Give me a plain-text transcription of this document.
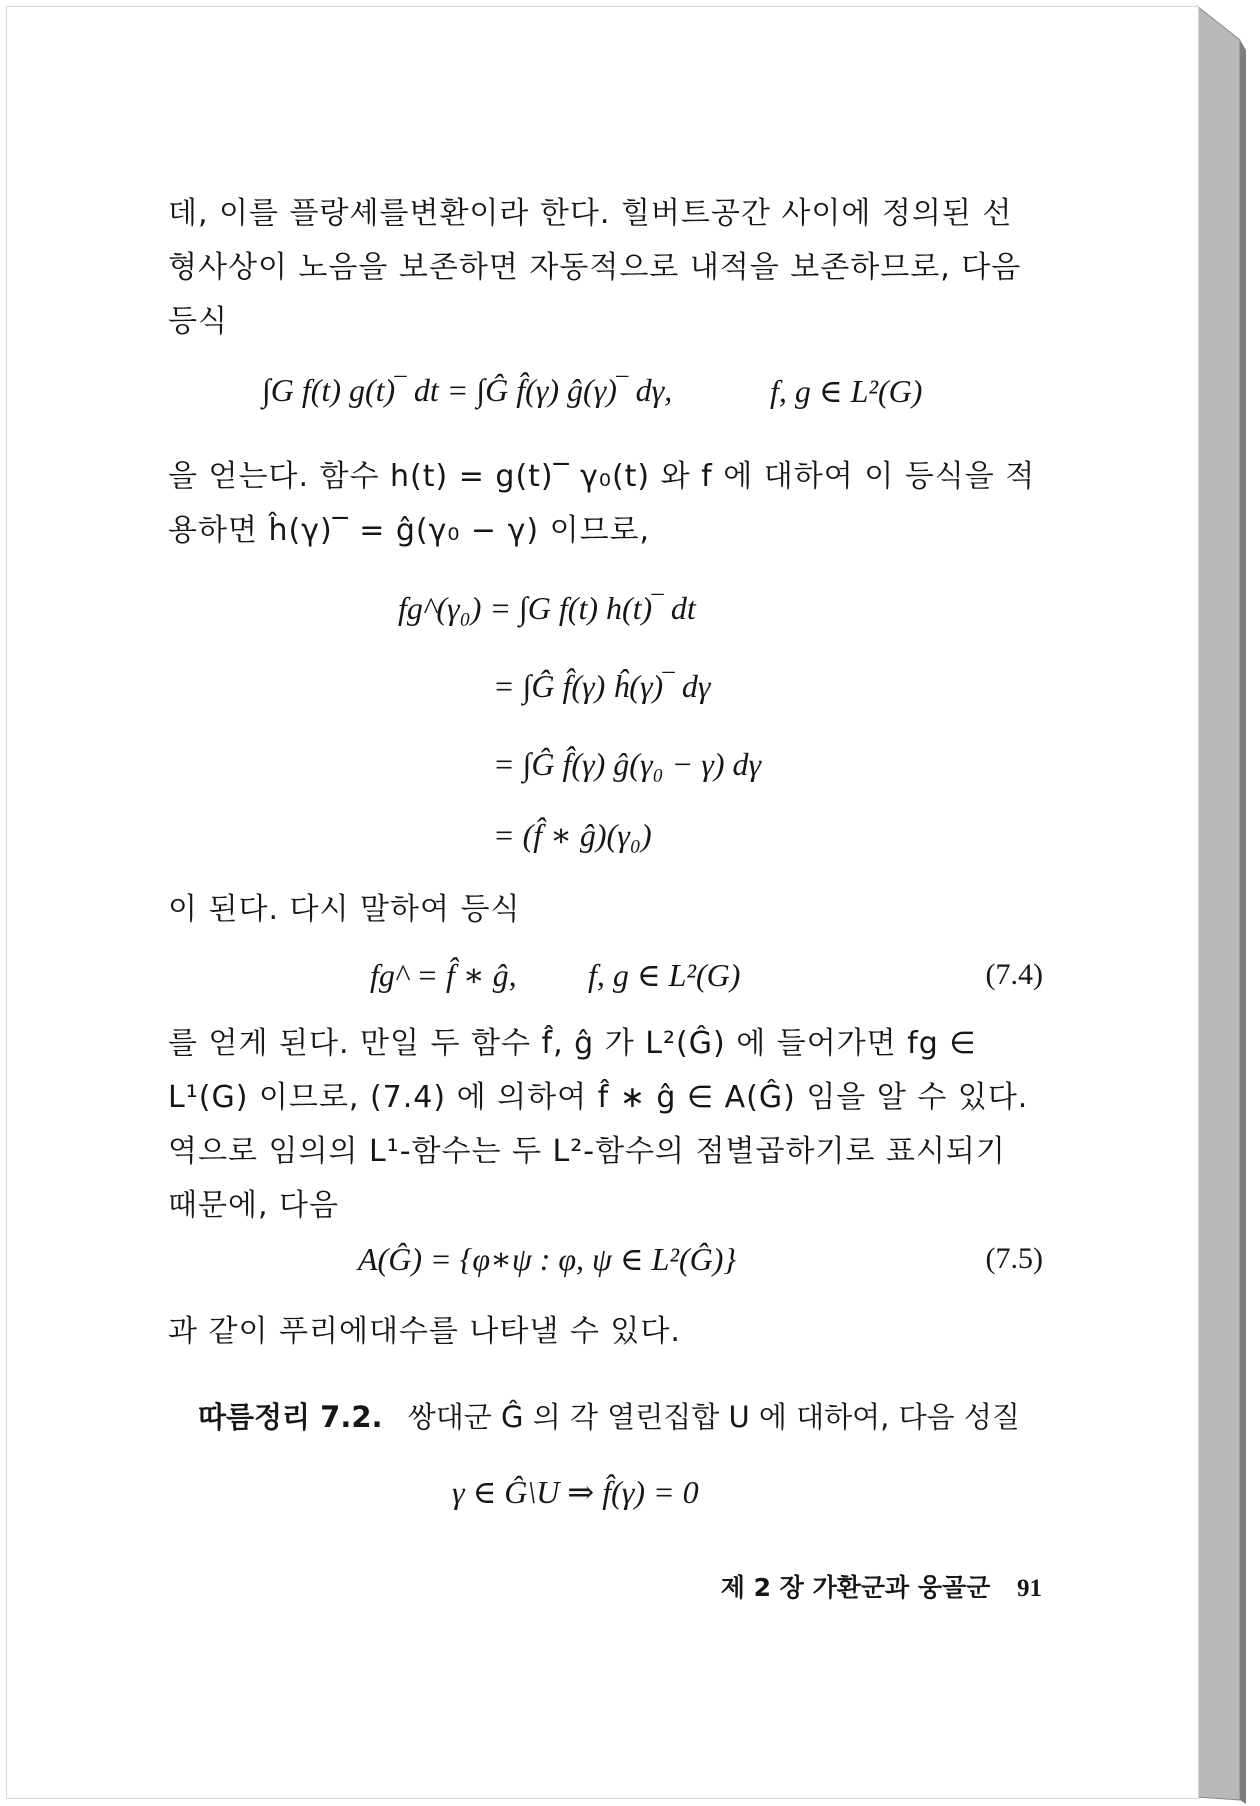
데, 이를 플랑셰를변환이라 한다. 힐버트공간 사이에 정의된 선
형사상이 노음을 보존하면 자동적으로 내적을 보존하므로, 다음
등식
∫G f(t) g(t)‾ dt = ∫Ĝ f̂(γ) ĝ(γ)‾ dγ,	f, g ∈ L²(G)
을 얻는다. 함수 h(t) = g(t)‾ γ₀(t) 와 f 에 대하여 이 등식을 적
용하면 ĥ(γ)‾ = ĝ(γ₀ − γ) 이므로,
fg^(γ₀) = ∫G f(t) h(t)‾ dt
= ∫Ĝ f̂(γ) ĥ(γ)‾ dγ
= ∫Ĝ f̂(γ) ĝ(γ₀ − γ) dγ
= (f̂ ∗ ĝ)(γ₀)
이 된다. 다시 말하여 등식
fg^ = f̂ ∗ ĝ, f, g ∈ L²(G)	(7.4)
를 얻게 된다. 만일 두 함수 f̂, ĝ 가 L²(Ĝ) 에 들어가면 fg ∈
L¹(G) 이므로, (7.4) 에 의하여 f̂ ∗ ĝ ∈ A(Ĝ) 임을 알 수 있다.
역으로 임의의 L¹-함수는 두 L²-함수의 점별곱하기로 표시되기
때문에, 다음
A(Ĝ) = {φ∗ψ : φ, ψ ∈ L²(Ĝ)}	(7.5)
과 같이 푸리에대수를 나타낼 수 있다.
따름정리 7.2. 쌍대군 Ĝ 의 각 열린집합 U 에 대하여, 다음 성질
γ ∈ Ĝ\U ⇒ f̂(γ) = 0
제 2 장 가환군과 웅골군 91
